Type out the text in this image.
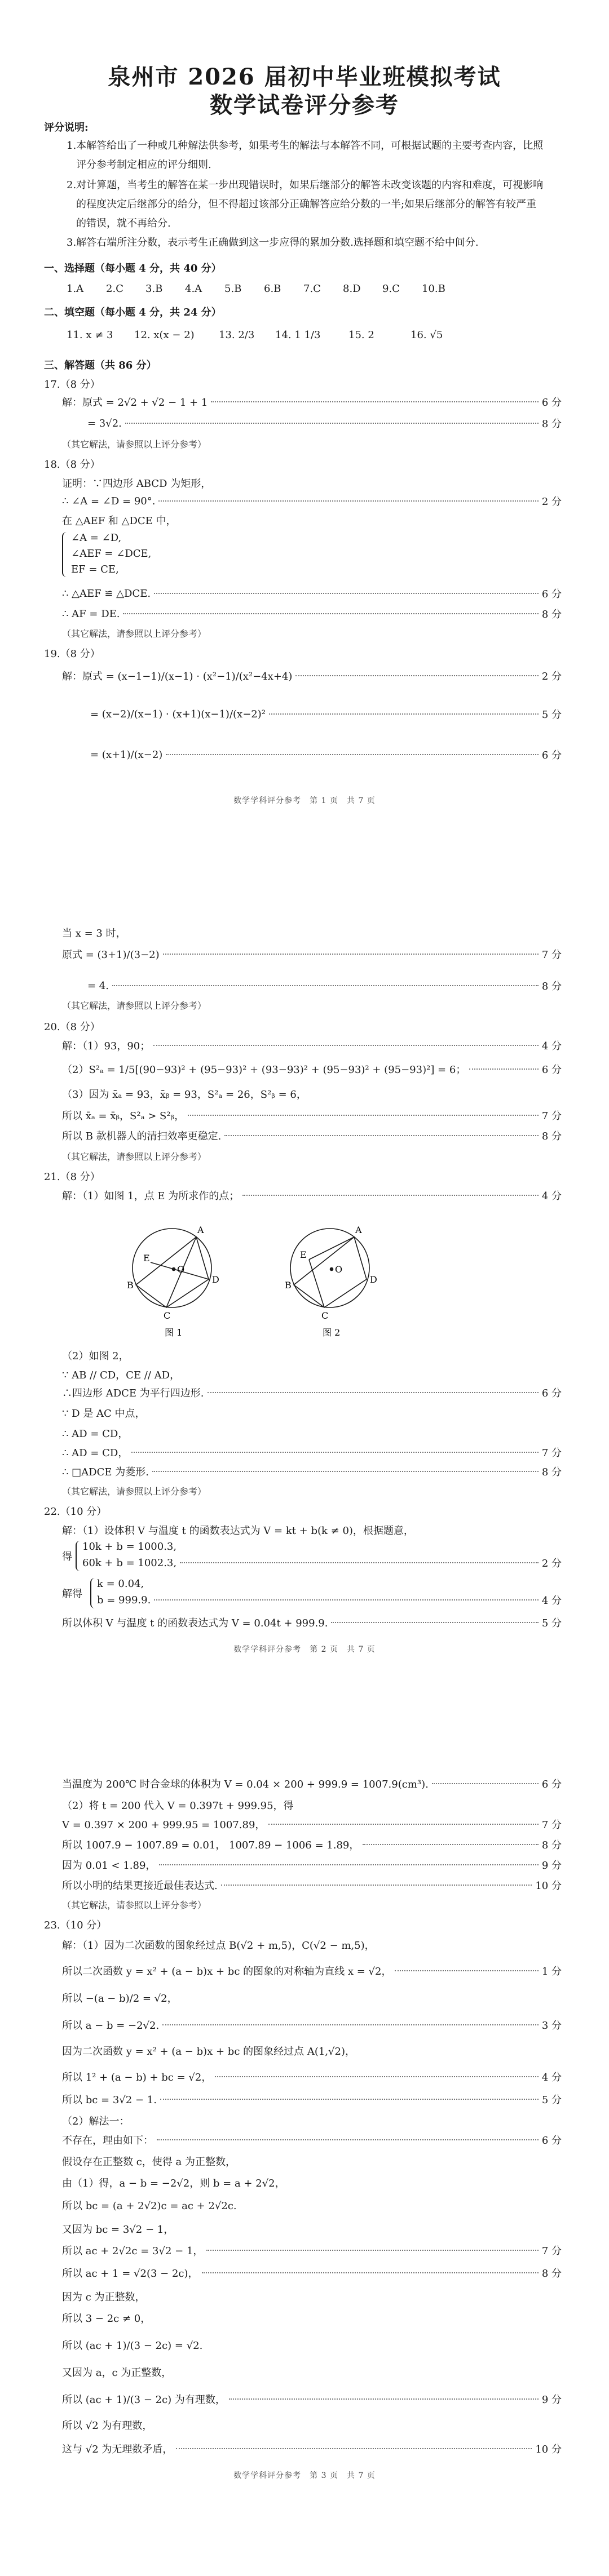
泉州市 2026 届初中毕业班模拟考试
数学试卷评分参考
评分说明:
1.本解答给出了一种或几种解法供参考，如果考生的解法与本解答不同，可根据试题的主要考查内容，比照
评分参考制定相应的评分细则.
2.对计算题，当考生的解答在某一步出现错误时，如果后继部分的解答未改变该题的内容和难度，可视影响
的程度决定后继部分的给分，但不得超过该部分正确解答应给分数的一半;如果后继部分的解答有较严重
的错误，就不再给分.
3.解答右端所注分数，表示考生正确做到这一步应得的累加分数.选择题和填空题不给中间分.
一、选择题（每小题 4 分，共 40 分）
1.A	2.C	3.B	4.A	5.B	6.B	7.C	8.D	9.C	10.B
二、填空题（每小题 4 分，共 24 分）
11. x ≠ 3	12. x(x − 2)	13. 2/3	14. 1 1/3	15. 2	16. √5
三、解答题（共 86 分）
17.（8 分）
解：原式 = 2√2 + √2 − 1 + 1	6 分
= 3√2.	8 分
（其它解法，请参照以上评分参考）
18.（8 分）
证明：∵四边形 ABCD 为矩形，
∴ ∠A = ∠D = 90°.	2 分
在 △AEF 和 △DCE 中，
∠A = ∠D,
∠AEF = ∠DCE,
EF = CE,
∴ △AEF ≌ △DCE.	6 分
∴ AF = DE.	8 分
（其它解法，请参照以上评分参考）
19.（8 分）
解：原式 = (x−1−1)/(x−1) · (x²−1)/(x²−4x+4)	2 分
= (x−2)/(x−1) · (x+1)(x−1)/(x−2)²	5 分
= (x+1)/(x−2)	6 分
数学学科评分参考　第 1 页　共 7 页
当 x = 3 时，
原式 = (3+1)/(3−2)	7 分
= 4.	8 分
（其它解法，请参照以上评分参考）
20.（8 分）
解：（1）93，90；	4 分
（2）S²ₐ = 1/5[(90−93)² + (95−93)² + (93−93)² + (95−93)² + (95−93)²] = 6；	6 分
（3）因为 x̄ₐ = 93，x̄ᵦ = 93，S²ₐ = 26，S²ᵦ = 6，
所以 x̄ₐ = x̄ᵦ，S²ₐ > S²ᵦ，	7 分
所以 B 款机器人的清扫效率更稳定.	8 分
（其它解法，请参照以上评分参考）
21.（8 分）
解：（1）如图 1，点 E 为所求作的点；	4 分
A
B
C
D
E
O
图 1
A
B
C
D
E
O
图 2
（2）如图 2，
∵ AB // CD，CE // AD，
∴四边形 ADCE 为平行四边形.	6 分
∵ D 是 AC 中点，
∴ AD = CD，
∴ AD = CD，	7 分
∴ □ADCE 为菱形.	8 分
（其它解法，请参照以上评分参考）
22.（10 分）
解：（1）设体积 V 与温度 t 的函数表达式为 V = kt + b(k ≠ 0)，根据题意，
得
10k + b = 1000.3,
60k + b = 1002.3,	2 分
解得
k = 0.04,
b = 999.9.	4 分
所以体积 V 与温度 t 的函数表达式为 V = 0.04t + 999.9.	5 分
数学学科评分参考　第 2 页　共 7 页
当温度为 200℃ 时合金球的体积为 V = 0.04 × 200 + 999.9 = 1007.9(cm³).	6 分
（2）将 t = 200 代入 V = 0.397t + 999.95，得
V = 0.397 × 200 + 999.95 = 1007.89，	7 分
所以 1007.9 − 1007.89 = 0.01， 1007.89 − 1006 = 1.89，	8 分
因为 0.01 < 1.89，	9 分
所以小明的结果更接近最佳表达式.	10 分
（其它解法，请参照以上评分参考）
23.（10 分）
解：（1）因为二次函数的图象经过点 B(√2 + m,5)，C(√2 − m,5)，
所以二次函数 y = x² + (a − b)x + bc 的图象的对称轴为直线 x = √2，	1 分
所以 −(a − b)/2 = √2，
所以 a − b = −2√2.	3 分
因为二次函数 y = x² + (a − b)x + bc 的图象经过点 A(1,√2)，
所以 1² + (a − b) + bc = √2，	4 分
所以 bc = 3√2 − 1.	5 分
（2）解法一：
不存在，理由如下：	6 分
假设存在正整数 c，使得 a 为正整数，
由（1）得，a − b = −2√2，则 b = a + 2√2，
所以 bc = (a + 2√2)c = ac + 2√2c.
又因为 bc = 3√2 − 1，
所以 ac + 2√2c = 3√2 − 1，	7 分
所以 ac + 1 = √2(3 − 2c)，	8 分
因为 c 为正整数，
所以 3 − 2c ≠ 0，
所以 (ac + 1)/(3 − 2c) = √2.
又因为 a，c 为正整数，
所以 (ac + 1)/(3 − 2c) 为有理数，	9 分
所以 √2 为有理数，
这与 √2 为无理数矛盾，	10 分
数学学科评分参考　第 3 页　共 7 页
